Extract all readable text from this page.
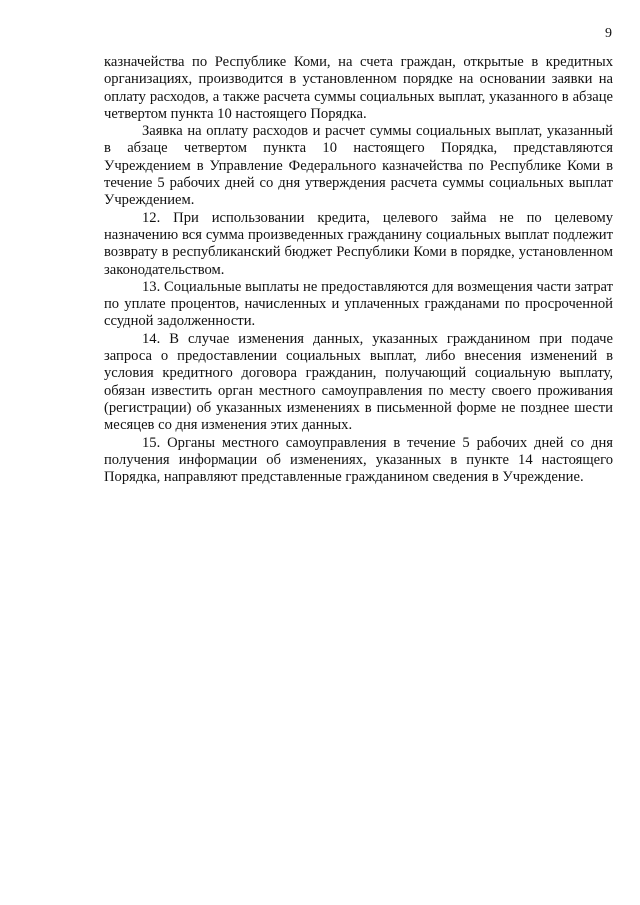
9

казначейства по Республике Коми, на счета граждан, открытые в кредитных организациях, производится в установленном порядке на основании заявки на оплату расходов, а также расчета суммы социальных выплат, указанного в абзаце четвертом пункта 10 настоящего Порядка.

Заявка на оплату расходов и расчет суммы социальных выплат, указанный в абзаце четвертом пункта 10 настоящего Порядка, представляются Учреждением в Управление Федерального казначейства по Республике Коми в течение 5 рабочих дней со дня утверждения расчета суммы социальных выплат Учреждением.

12. При использовании кредита, целевого займа не по целевому назначению вся сумма произведенных гражданину социальных выплат подлежит возврату в республиканский бюджет Республики Коми в порядке, установленном законодательством.

13. Социальные выплаты не предоставляются для возмещения части затрат по уплате процентов, начисленных и уплаченных гражданами по просроченной ссудной задолженности.

14. В случае изменения данных, указанных гражданином при подаче запроса о предоставлении социальных выплат, либо внесения изменений в условия кредитного договора гражданин, получающий социальную выплату, обязан известить орган местного самоуправления по месту своего проживания (регистрации) об указанных изменениях в письменной форме не позднее шести месяцев со дня изменения этих данных.

15. Органы местного самоуправления в течение 5 рабочих дней со дня получения информации об изменениях, указанных в пункте 14 настоящего Порядка, направляют представленные гражданином сведения в Учреждение.
